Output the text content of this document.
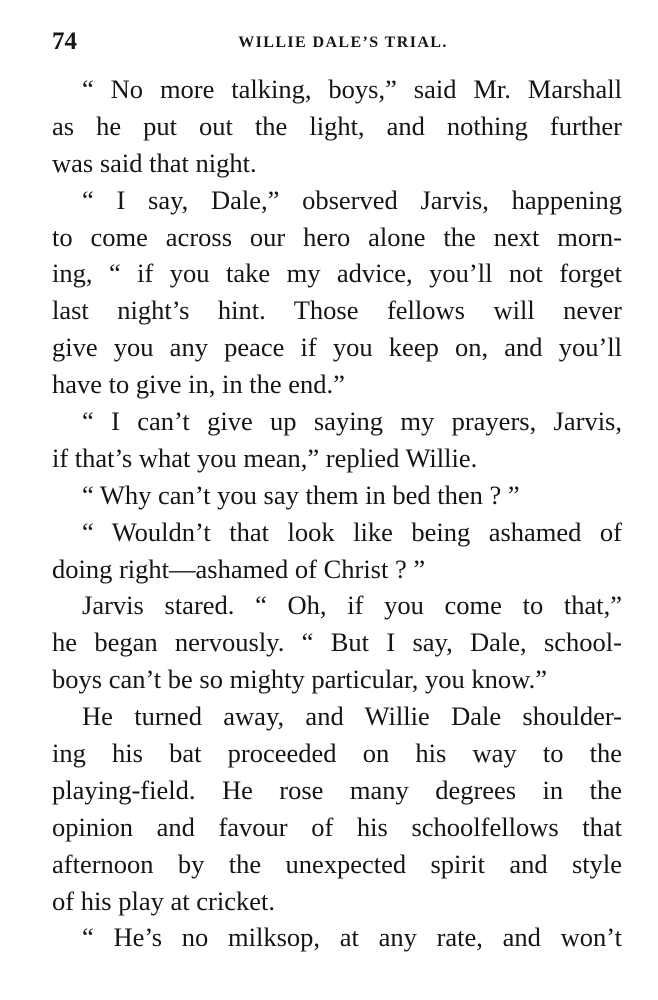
74	WILLIE DALE’S TRIAL.
“ No more talking, boys,” said Mr. Marshall
as he put out the light, and nothing further
was said that night.
“ I say, Dale,” observed Jarvis, happening
to come across our hero alone the next morn-
ing, “ if you take my advice, you’ll not forget
last night’s hint. Those fellows will never
give you any peace if you keep on, and you’ll
have to give in, in the end.”
“ I can’t give up saying my prayers, Jarvis,
if that’s what you mean,” replied Willie.
“ Why can’t you say them in bed then ? ”
“ Wouldn’t that look like being ashamed of
doing right—ashamed of Christ ? ”
Jarvis stared. “ Oh, if you come to that,”
he began nervously. “ But I say, Dale, school-
boys can’t be so mighty particular, you know.”
He turned away, and Willie Dale shoulder-
ing his bat proceeded on his way to the
playing-field. He rose many degrees in the
opinion and favour of his schoolfellows that
afternoon by the unexpected spirit and style
of his play at cricket.
“ He’s no milksop, at any rate, and won’t
